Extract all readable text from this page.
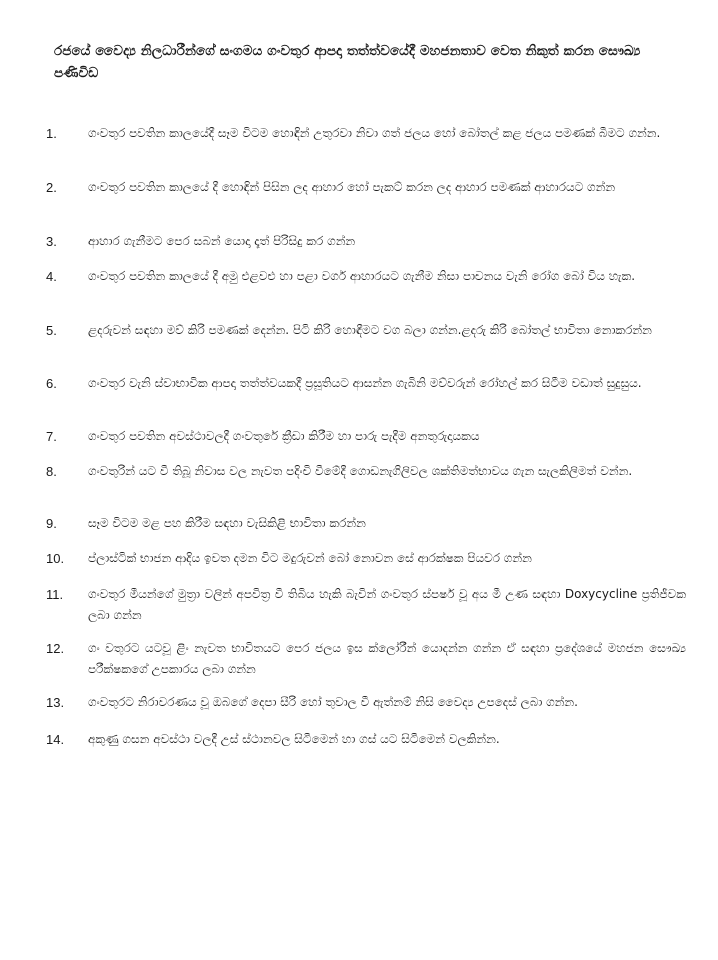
රජයේ වෛද්‍ය නිලධාරීන්ගේ සංගමය ගංවතුර ආපදා තත්ත්වයේදී මහජනතාව වෙත නිකුත් කරන සෞඛ්‍ය පණිවිඩ
1.	ගංවතුර පවතින කාලයේදී සෑම විටම හොඳින් උතුරවා නිවා ගත් ජලය හෝ බෝතල් කළ ජලය පමණක් බීමට ගන්න.
2.	ගංවතුර පවතින කාලයේ දී හොඳින් පිසින ලද ආහාර හෝ පැකට් කරන ලද ආහාර පමණක් ආහාරයට ගන්න
3.	ආහාර ගැනීමට පෙර සබන් යොදා දෑත් පිරිසිදු කර ගන්න
4.	ගංවතුර පවතින කාලයේ දී අමු එළවළු හා පළා වර්ග ආහාරයට ගැනීම නිසා පාචනය වැනි රෝග බෝ විය හැක.
5.	ළදරුවන් සඳහා මව් කිරි පමණක් දෙන්න. පිටි කිරි හොඳීමට වග බලා ගන්න.ළදරු කිරි බෝතල් භාවිතා නොකරන්න
6.	ගංවතුර වැනි ස්වාභාවික ආපදා තත්ත්වයකදී ප්‍රසූතියට ආසන්න ගැබිනි මව්වරුන් රෝහල් කර සිටීම වඩාත් සුදුසුය.
7.	ගංවතුර පවතින අවස්ථාවලදී ගංවතුරේ ක්‍රීඩා කිරීම හා පාරු පැදීම අනතුරුදායකය
8.	ගංවතුරින් යට වී තිබූ නිවාස වල නැවත පදිංචි වීමේදී ගොඩනැගිලිවල ශක්තිමත්භාවය ගැන සැලකිලිමත් වන්න.
9.	සෑම විටම මළ පහ කිරීම සඳහා වැසිකිළි භාවිතා කරන්න
10. ප්ලාස්ටික් භාජන ආදිය ඉවත දමන විට මදුරුවන් බෝ නොවන සේ ආරක්ෂක පියවර ගන්න
11. ගංවතුර මීයන්ගේ මුත්‍රා වලින් අපවිත්‍ර වී තිබිය හැකි බැවින් ගංවතුර ස්පර්ෂ වූ අය මී උණ සඳහා Doxycycline ප්‍රතිජීවක ලබා ගන්න
12. ගං වතුරට යටවූ ළිං නැවත භාවිතයට පෙර ජලය ඉස ක්ලෝරීන් යොදන්න ගන්න ඒ සඳහා ප්‍රදේශයේ මහජන සෞඛ්‍ය පරීක්ෂකගේ උපකාරය ලබා ගන්න
13. ගංවතුරට නිරාවරණය වූ ඔබගේ දෙපා සීරි හෝ තුවාල වී ඇත්නම් නිසි වෛද්‍ය උපදෙස් ලබා ගන්න.
14. අකුණු ගසන අවස්ථා වලදී උස් ස්ථානවල සිටීමෙන් හා ගස් යට සිටීමෙන් වලකින්න.
